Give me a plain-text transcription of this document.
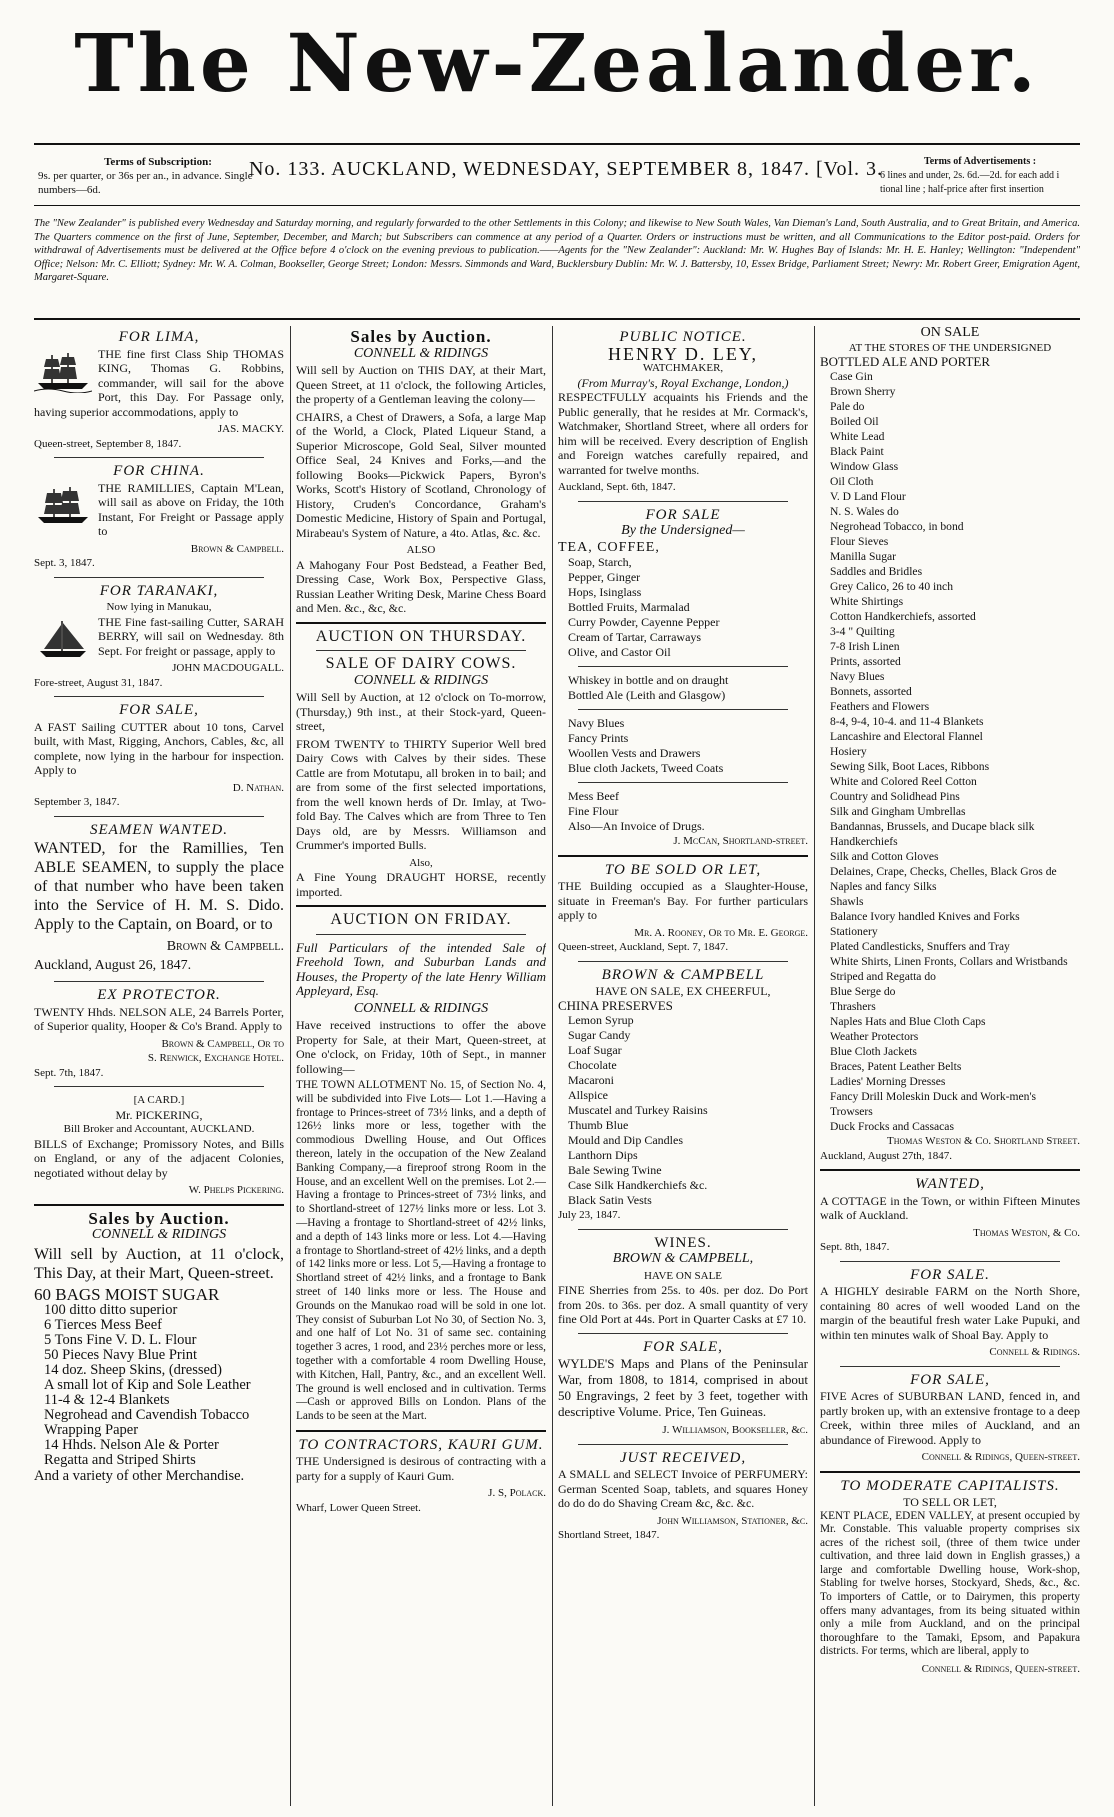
The New-Zealander.
Terms of Subscription:
9s. per quarter, or 36s per an., in advance. Single numbers—6d.
No. 133. AUCKLAND, WEDNESDAY, SEPTEMBER 8, 1847. [Vol. 3.	Terms of Advertisements :
6 lines and under, 2s. 6d.—2d. for each add i tional line ; half-price after first insertion
The "New Zealander" is published every Wednesday and Saturday morning, and regularly forwarded to the other Settlements in this Colony; and likewise to New South Wales, Van Dieman's Land, South Australia, and to Great Britain, and America. The Quarters commence on the first of June, September, December, and March; but Subscribers can commence at any period of a Quarter. Orders or instructions must be written, and all Communications to the Editor post-paid. Orders for withdrawal of Advertisements must be delivered at the Office before 4 o'clock on the evening previous to publication.——Agents for the "New Zealander": Auckland: Mr. W. Hughes Bay of Islands: Mr. H. E. Hanley; Wellington: "Independent" Office; Nelson: Mr. C. Elliott; Sydney: Mr. W. A. Colman, Bookseller, George Street; London: Messrs. Simmonds and Ward, Bucklersbury Dublin: Mr. W. J. Battersby, 10, Essex Bridge, Parliament Street; Newry: Mr. Robert Greer, Emigration Agent, Margaret-Square.
FOR LIMA,
THE fine first Class Ship THOMAS KING, Thomas G. Robbins, commander, will sail for the above Port, this Day. For Passage only, having superior accommodations, apply to
JAS. MACKY.
Queen-street, September 8, 1847.
FOR CHINA.
THE RAMILLIES, Captain M'Lean, will sail as above on Friday, the 10th Instant, For Freight or Passage apply to
Brown & Campbell.
Sept. 3, 1847.
FOR TARANAKI,
Now lying in Manukau,
THE Fine fast-sailing Cutter, SARAH BERRY, will sail on Wednesday. 8th Sept. For freight or passage, apply to
JOHN MACDOUGALL.
Fore-street, August 31, 1847.
FOR SALE,
A FAST Sailing CUTTER about 10 tons, Carvel built, with Mast, Rigging, Anchors, Cables, &c, all complete, now lying in the harbour for inspection. Apply to
D. Nathan.
September 3, 1847.
SEAMEN WANTED.
WANTED, for the Ramillies, Ten ABLE SEAMEN, to supply the place of that number who have been taken into the Service of H. M. S. Dido. Apply to the Captain, on Board, or to
Brown & Campbell.
Auckland, August 26, 1847.
EX PROTECTOR.
TWENTY Hhds. NELSON ALE, 24 Barrels Porter, of Superior quality, Hooper & Co's Brand. Apply to
Brown & Campbell, Or to
S. Renwick, Exchange Hotel.
Sept. 7th, 1847.
[A CARD.]
Mr. PICKERING,
Bill Broker and Accountant, AUCKLAND.
BILLS of Exchange; Promissory Notes, and Bills on England, or any of the adjacent Colonies, negotiated without delay by
W. Phelps Pickering.
Sales by Auction.
CONNELL & RIDINGS
Will sell by Auction, at 11 o'clock, This Day, at their Mart, Queen-street.
60 BAGS MOIST SUGAR
100 ditto ditto superior
6 Tierces Mess Beef
5 Tons Fine V. D. L. Flour
50 Pieces Navy Blue Print
14 doz. Sheep Skins, (dressed)
A small lot of Kip and Sole Leather
11-4 & 12-4 Blankets
Negrohead and Cavendish Tobacco
Wrapping Paper
14 Hhds. Nelson Ale & Porter
Regatta and Striped Shirts
And a variety of other Merchandise.
Sales by Auction.
CONNELL & RIDINGS
Will sell by Auction on THIS DAY, at their Mart, Queen Street, at 11 o'clock, the following Articles, the property of a Gentleman leaving the colony—
CHAIRS, a Chest of Drawers, a Sofa, a large Map of the World, a Clock, Plated Liqueur Stand, a Superior Microscope, Gold Seal, Silver mounted Office Seal, 24 Knives and Forks,—and the following Books—Pickwick Papers, Byron's Works, Scott's History of Scotland, Chronology of History, Cruden's Concordance, Graham's Domestic Medicine, History of Spain and Portugal, Mirabeau's System of Nature, a 4to. Atlas, &c. &c.
ALSO
A Mahogany Four Post Bedstead, a Feather Bed, Dressing Case, Work Box, Perspective Glass, Russian Leather Writing Desk, Marine Chess Board and Men. &c., &c, &c.
AUCTION ON THURSDAY.
SALE OF DAIRY COWS.
CONNELL & RIDINGS
Will Sell by Auction, at 12 o'clock on To-morrow, (Thursday,) 9th inst., at their Stock-yard, Queen-street,
FROM TWENTY to THIRTY Superior Well bred Dairy Cows with Calves by their sides. These Cattle are from Motutapu, all broken in to bail; and are from some of the first selected importations, from the well known herds of Dr. Imlay, at Two-fold Bay. The Calves which are from Three to Ten Days old, are by Messrs. Williamson and Crummer's imported Bulls.
Also,
A Fine Young DRAUGHT HORSE, recently imported.
AUCTION ON FRIDAY.
Full Particulars of the intended Sale of Freehold Town, and Suburban Lands and Houses, the Property of the late Henry William Appleyard, Esq.
CONNELL & RIDINGS
Have received instructions to offer the above Property for Sale, at their Mart, Queen-street, at One o'clock, on Friday, 10th of Sept., in manner following—
THE TOWN ALLOTMENT No. 15, of Section No. 4, will be subdivided into Five Lots— Lot 1.—Having a frontage to Princes-street of 73½ links, and a depth of 126½ links more or less, together with the commodious Dwelling House, and Out Offices thereon, lately in the occupation of the New Zealand Banking Company,—a fireproof strong Room in the House, and an excellent Well on the premises. Lot 2.—Having a frontage to Princes-street of 73½ links, and to Shortland-street of 127½ links more or less. Lot 3.—Having a frontage to Shortland-street of 42½ links, and a depth of 143 links more or less. Lot 4.—Having a frontage to Shortland-street of 42½ links, and a depth of 142 links more or less. Lot 5,—Having a frontage to Shortland street of 42½ links, and a frontage to Bank street of 140 links more or less. The House and Grounds on the Manukao road will be sold in one lot. They consist of Suburban Lot No 30, of Section No. 3, and one half of Lot No. 31 of same sec. containing together 3 acres, 1 rood, and 23½ perches more or less, together with a comfortable 4 room Dwelling House, with Kitchen, Hall, Pantry, &c., and an excellent Well. The ground is well enclosed and in cultivation. Terms—Cash or approved Bills on London. Plans of the Lands to be seen at the Mart.
TO CONTRACTORS, KAURI GUM.
THE Undersigned is desirous of contracting with a party for a supply of Kauri Gum.
J. S, Polack.
Wharf, Lower Queen Street.
PUBLIC NOTICE.
HENRY D. LEY,
WATCHMAKER,
(From Murray's, Royal Exchange, London,)
RESPECTFULLY acquaints his Friends and the Public generally, that he resides at Mr. Cormack's, Watchmaker, Shortland Street, where all orders for him will be received. Every description of English and Foreign watches carefully repaired, and warranted for twelve months.
Auckland, Sept. 6th, 1847.
FOR SALE
By the Undersigned—
TEA, COFFEE,
Soap, Starch,
Pepper, Ginger
Hops, Isinglass
Bottled Fruits, Marmalad
Curry Powder, Cayenne Pepper
Cream of Tartar, Carraways
Olive, and Castor Oil
Whiskey in bottle and on draught
Bottled Ale (Leith and Glasgow)
Navy Blues
Fancy Prints
Woollen Vests and Drawers
Blue cloth Jackets, Tweed Coats
Mess Beef
Fine Flour
Also—An Invoice of Drugs.
J. McCan, Shortland-street.
TO BE SOLD OR LET,
THE Building occupied as a Slaughter-House, situate in Freeman's Bay. For further particulars apply to
Mr. A. Rooney, Or to Mr. E. George.
Queen-street, Auckland, Sept. 7, 1847.
BROWN & CAMPBELL
HAVE ON SALE, EX CHEERFUL,
CHINA PRESERVES
Lemon Syrup
Sugar Candy
Loaf Sugar
Chocolate
Macaroni
Allspice
Muscatel and Turkey Raisins
Thumb Blue
Mould and Dip Candles
Lanthorn Dips
Bale Sewing Twine
Case Silk Handkerchiefs &c.
Black Satin Vests
July 23, 1847.
WINES.
BROWN & CAMPBELL,
HAVE ON SALE
FINE Sherries from 25s. to 40s. per doz. Do Port from 20s. to 36s. per doz. A small quantity of very fine Old Port at 44s. Port in Quarter Casks at £7 10.
FOR SALE,
WYLDE'S Maps and Plans of the Peninsular War, from 1808, to 1814, comprised in about 50 Engravings, 2 feet by 3 feet, together with descriptive Volume. Price, Ten Guineas.
J. Williamson, Bookseller, &c.
JUST RECEIVED,
A SMALL and SELECT Invoice of PERFUMERY: German Scented Soap, tablets, and squares Honey do do do do Shaving Cream &c, &c. &c.
John Williamson, Stationer, &c.
Shortland Street, 1847.
ON SALE
AT THE STORES OF THE UNDERSIGNED
BOTTLED ALE AND PORTER
Case Gin
Brown Sherry
Pale do
Boiled Oil
White Lead
Black Paint
Window Glass
Oil Cloth
V. D Land Flour
N. S. Wales do
Negrohead Tobacco, in bond
Flour Sieves
Manilla Sugar
Saddles and Bridles
Grey Calico, 26 to 40 inch
White Shirtings
Cotton Handkerchiefs, assorted
3-4 " Quilting
7-8 Irish Linen
Prints, assorted
Navy Blues
Bonnets, assorted
Feathers and Flowers
8-4, 9-4, 10-4. and 11-4 Blankets
Lancashire and Electoral Flannel
Hosiery
Sewing Silk, Boot Laces, Ribbons
White and Colored Reel Cotton
Country and Solidhead Pins
Silk and Gingham Umbrellas
Bandannas, Brussels, and Ducape black silk Handkerchiefs
Silk and Cotton Gloves
Delaines, Crape, Checks, Chelles, Black Gros de Naples and fancy Silks
Shawls
Balance Ivory handled Knives and Forks
Stationery
Plated Candlesticks, Snuffers and Tray
White Shirts, Linen Fronts, Collars and Wristbands
Striped and Regatta do
Blue Serge do
Thrashers
Naples Hats and Blue Cloth Caps
Weather Protectors
Blue Cloth Jackets
Braces, Patent Leather Belts
Ladies' Morning Dresses
Fancy Drill Moleskin Duck and Work-men's Trowsers
Duck Frocks and Cassacas
Thomas Weston & Co. Shortland Street.
Auckland, August 27th, 1847.
WANTED,
A COTTAGE in the Town, or within Fifteen Minutes walk of Auckland.
Thomas Weston, & Co.
Sept. 8th, 1847.
FOR SALE.
A HIGHLY desirable FARM on the North Shore, containing 80 acres of well wooded Land on the margin of the beautiful fresh water Lake Pupuki, and within ten minutes walk of Shoal Bay. Apply to
Connell & Ridings.
FOR SALE,
FIVE Acres of SUBURBAN LAND, fenced in, and partly broken up, with an extensive frontage to a deep Creek, within three miles of Auckland, and an abundance of Firewood. Apply to
Connell & Ridings, Queen-street.
TO MODERATE CAPITALISTS.
TO SELL OR LET,
KENT PLACE, EDEN VALLEY, at present occupied by Mr. Constable. This valuable property comprises six acres of the richest soil, (three of them twice under cultivation, and three laid down in English grasses,) a large and comfortable Dwelling house, Work-shop, Stabling for twelve horses, Stockyard, Sheds, &c., &c. To importers of Cattle, or to Dairymen, this property offers many advantages, from its being situated within only a mile from Auckland, and on the principal thoroughfare to the Tamaki, Epsom, and Papakura districts. For terms, which are liberal, apply to
Connell & Ridings, Queen-street.
